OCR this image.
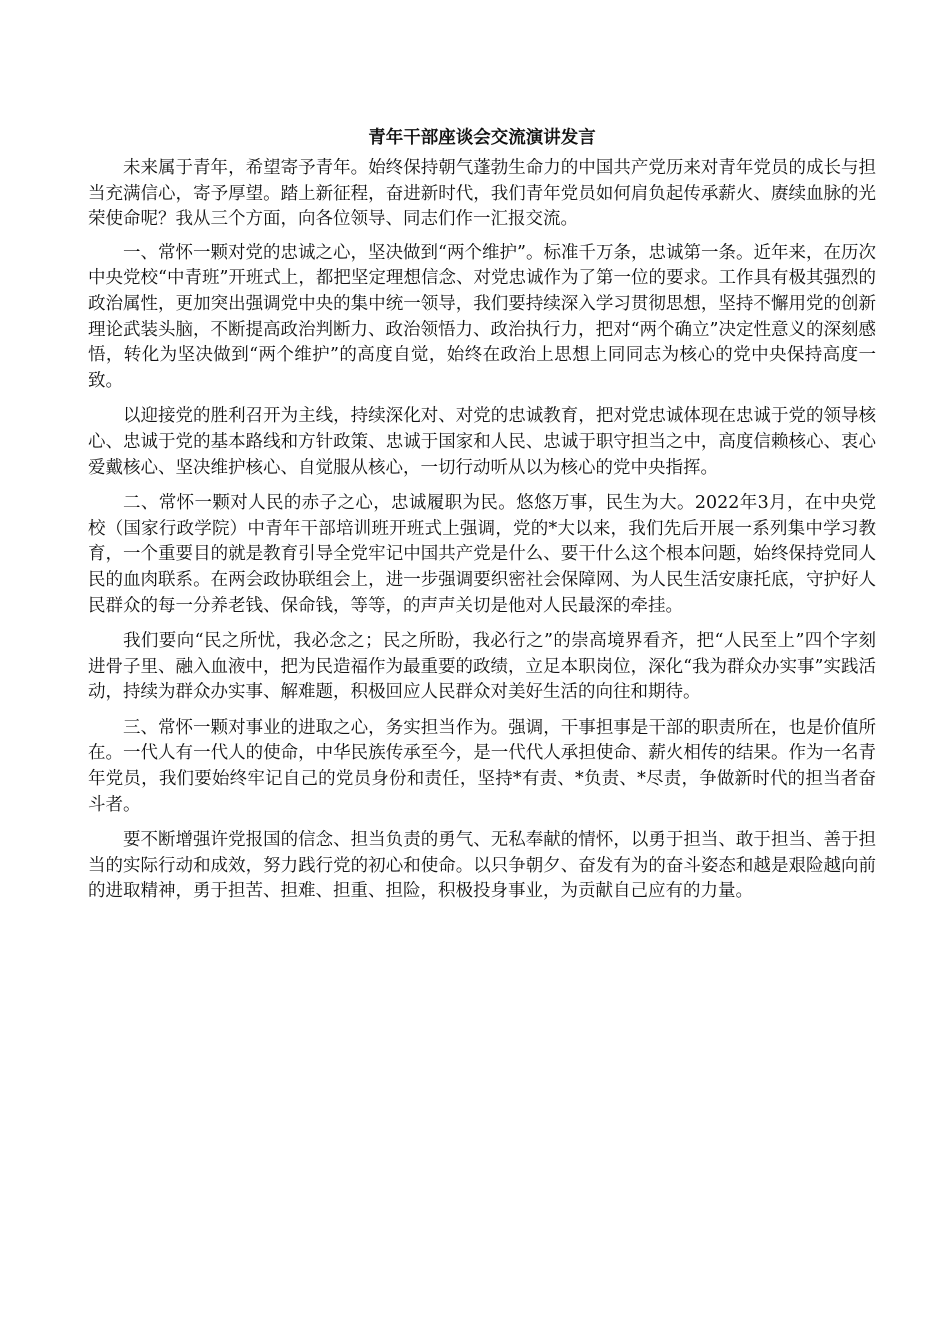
青年干部座谈会交流演讲发言

未来属于青年，希望寄予青年。始终保持朝气蓬勃生命力的中国共产党历来对青年党员的成长与担当充满信心，寄予厚望。踏上新征程，奋进新时代，我们青年党员如何肩负起传承薪火、赓续血脉的光荣使命呢？我从三个方面，向各位领导、同志们作一汇报交流。

一、常怀一颗对党的忠诚之心，坚决做到“两个维护”。标准千万条，忠诚第一条。近年来，在历次中央党校“中青班”开班式上，都把坚定理想信念、对党忠诚作为了第一位的要求。工作具有极其强烈的政治属性，更加突出强调党中央的集中统一领导，我们要持续深入学习贯彻思想，坚持不懈用党的创新理论武装头脑，不断提高政治判断力、政治领悟力、政治执行力，把对“两个确立”决定性意义的深刻感悟，转化为坚决做到“两个维护”的高度自觉，始终在政治上思想上同同志为核心的党中央保持高度一致。

以迎接党的胜利召开为主线，持续深化对、对党的忠诚教育，把对党忠诚体现在忠诚于党的领导核心、忠诚于党的基本路线和方针政策、忠诚于国家和人民、忠诚于职守担当之中，高度信赖核心、衷心爱戴核心、坚决维护核心、自觉服从核心，一切行动听从以为核心的党中央指挥。

二、常怀一颗对人民的赤子之心，忠诚履职为民。悠悠万事，民生为大。2022年3月，在中央党校（国家行政学院）中青年干部培训班开班式上强调，党的*大以来，我们先后开展一系列集中学习教育，一个重要目的就是教育引导全党牢记中国共产党是什么、要干什么这个根本问题，始终保持党同人民的血肉联系。在两会政协联组会上，进一步强调要织密社会保障网、为人民生活安康托底，守护好人民群众的每一分养老钱、保命钱，等等，的声声关切是他对人民最深的牵挂。

我们要向“民之所忧，我必念之；民之所盼，我必行之”的崇高境界看齐，把“人民至上”四个字刻进骨子里、融入血液中，把为民造福作为最重要的政绩，立足本职岗位，深化“我为群众办实事”实践活动，持续为群众办实事、解难题，积极回应人民群众对美好生活的向往和期待。

三、常怀一颗对事业的进取之心，务实担当作为。强调，干事担事是干部的职责所在，也是价值所在。一代人有一代人的使命，中华民族传承至今，是一代代人承担使命、薪火相传的结果。作为一名青年党员，我们要始终牢记自己的党员身份和责任，坚持*有责、*负责、*尽责，争做新时代的担当者奋斗者。

要不断增强许党报国的信念、担当负责的勇气、无私奉献的情怀，以勇于担当、敢于担当、善于担当的实际行动和成效，努力践行党的初心和使命。以只争朝夕、奋发有为的奋斗姿态和越是艰险越向前的进取精神，勇于担苦、担难、担重、担险，积极投身事业，为贡献自己应有的力量。
